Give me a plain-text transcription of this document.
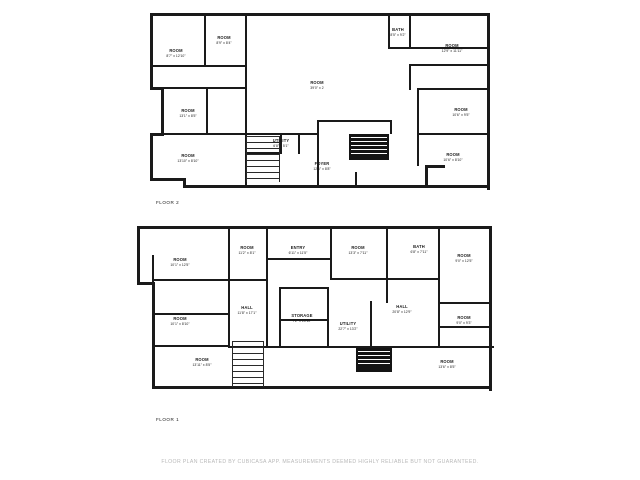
ROOM
8'7" x 12'10"
ROOM
8'9" x 8'4"
BATH
8'5" x 9'2"
ROOM
12'9" x 11'11"
ROOM
39'0" x 2
ROOM
13'1" x 8'5"
ROOM
10'6" x 9'5"
UTILITY
6'8" x 5'1"
ROOM
13'10" x 8'10"
FOYER
12'6" x 8'8"
ROOM
10'6" x 8'10"
FLOOR 2
ROOM
10'1" x 12'5"
ROOM
11'2" x 8'1"
ENTRY
6'11" x 11'5"
ROOM
13'3" x 7'11"
BATH
6'8" x 7'11"
ROOM
9'0" x 12'5"
ROOM
10'1" x 8'10"
HALL
11'8" x 17'1"
STORAGE
7'2" x 10'10"
UTILITY
22'7" x 13'2"
HALL
20'8" x 12'9"
ROOM
9'0" x 9'3"
ROOM
13'11" x 8'5"
ROOM
13'6" x 8'5"
FLOOR 1
FLOOR PLAN CREATED BY CUBICASA APP. MEASUREMENTS DEEMED HIGHLY RELIABLE BUT NOT GUARANTEED.
